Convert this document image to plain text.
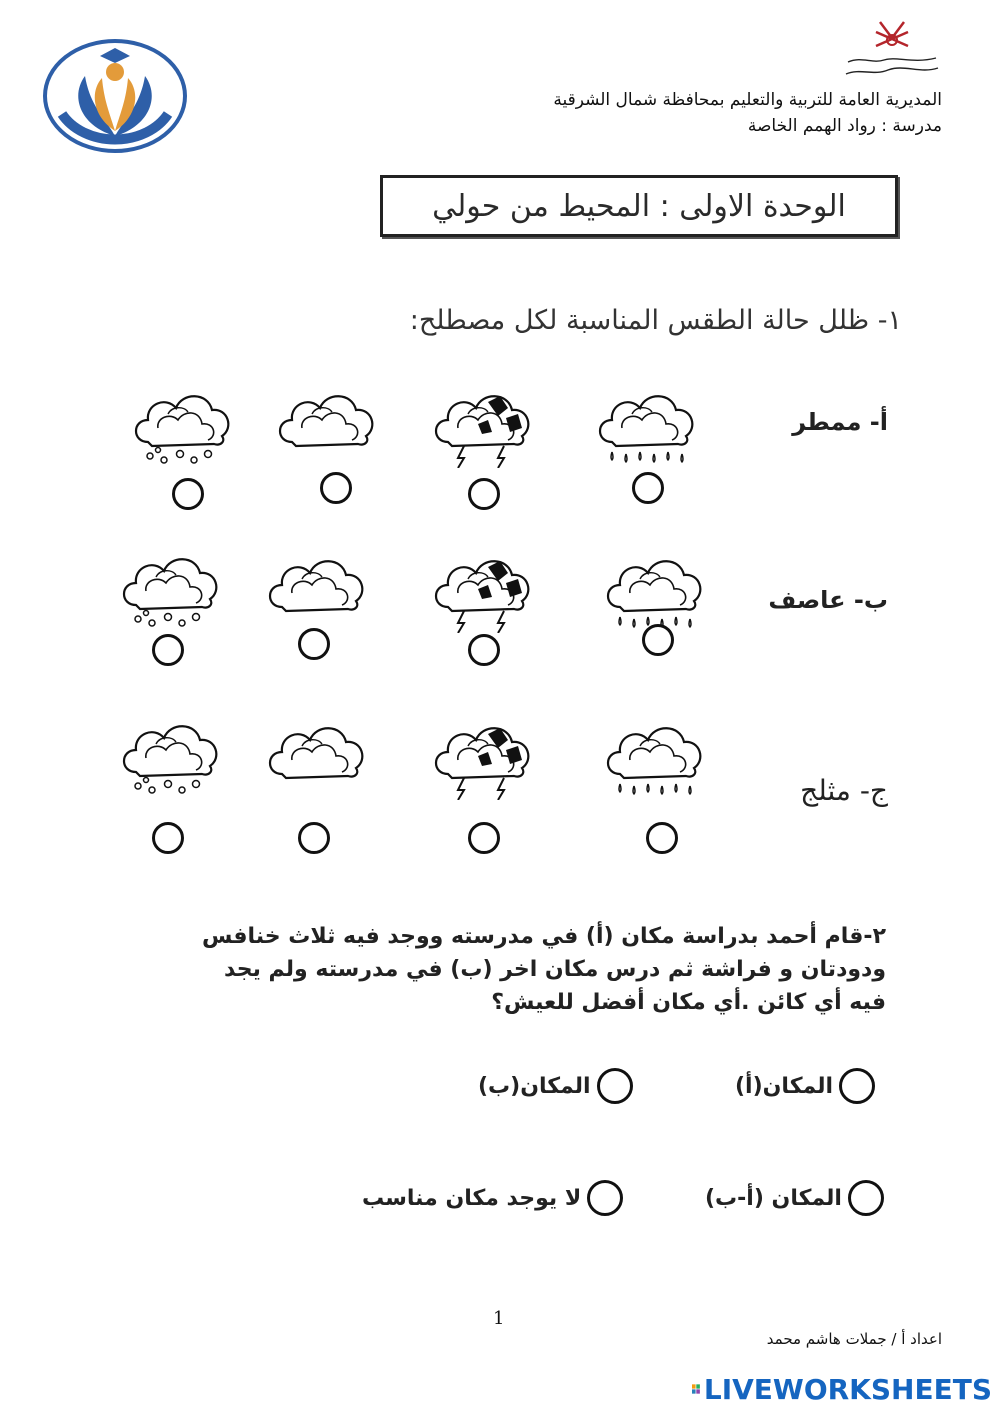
المديرية العامة للتربية والتعليم بمحافظة شمال الشرقية
مدرسة : رواد الهمم الخاصة
الوحدة الاولى : المحيط من حولي
١- ظلل حالة الطقس المناسبة لكل مصطلح:
أ- ممطر
ب- عاصف
ج- مثلج
٢-قام أحمد بدراسة مكان (أ) في مدرسته ووجد فيه ثلاث خنافس ودودتان و فراشة ثم درس مكان اخر (ب) في مدرسته ولم يجد فيه أي كائن .أي مكان أفضل للعيش؟
المكان(أ)
المكان(ب)
المكان (أ-ب)
لا يوجد مكان مناسب
1
اعداد أ / جملات هاشم محمد
LIVEWORKSHEETS
